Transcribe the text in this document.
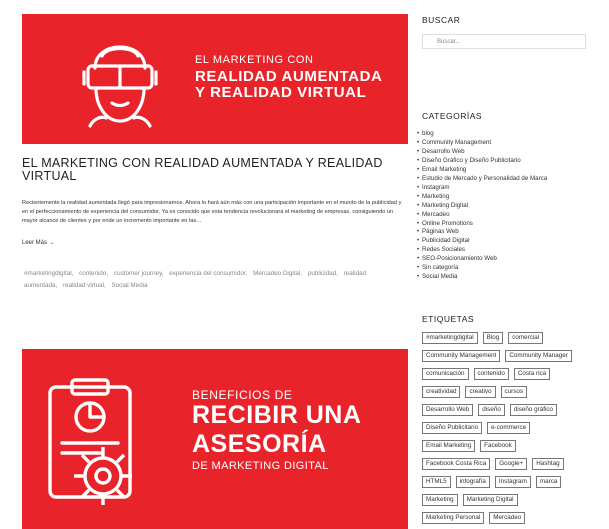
EL MARKETING CON
REALIDAD AUMENTADA
Y REALIDAD VIRTUAL
EL MARKETING CON REALIDAD AUMENTADA Y REALIDAD VIRTUAL
Recientemente la realidad aumentada llegó para impresionarnos. Ahora lo hará aún más con una participación importante en el mundo de la publicidad y en el perfeccionamiento de experiencia del consumidor. Ya es conocido que esta tendencia revolucionará el marketing de empresas, consiguiendo un mayor alcance de clientes y por ende un incremento importante en las…
Leer Más →
#marketingdigital, contenido, customer journey, experiencia del consumidor, Mercadeo Digital, publicidad, realidad aumentada, realidad virtual, Social Media
BENEFICIOS DE
RECIBIR UNA
ASESORÍA
DE MARKETING DIGITAL
BUSCAR
Buscar...
CATEGORÍAS
• blog
• Community Management
• Desarrollo Web
• Diseño Gráfico y Diseño Publicitario
• Email Marketing
• Estudio de Mercado y Personalidad de Marca
• Instagram
• Marketing
• Marketing Digital
• Mercadeo
• Online Promotions
• Páginas Web
• Publicidad Digital
• Redes Sociales
• SEO-Posicionamiento Web
• Sin categoría
• Social Media
ETIQUETAS
#marketingdigital	Blog	comercial
Community Management	Community Manager
comunicación	contenido	Costa rica
creatividad	creativo	cursos
Desarrollo Web	diseño	diseño gráfico
Diseño Publicitario	e-commerce
Email Marketing	Facebook
Facebook Costa Rica	Google+	Hashtag
HTML5	infografía	Instagram	marca
Marketing	Marketing Digital
Marketing Personal	Mercadeo
